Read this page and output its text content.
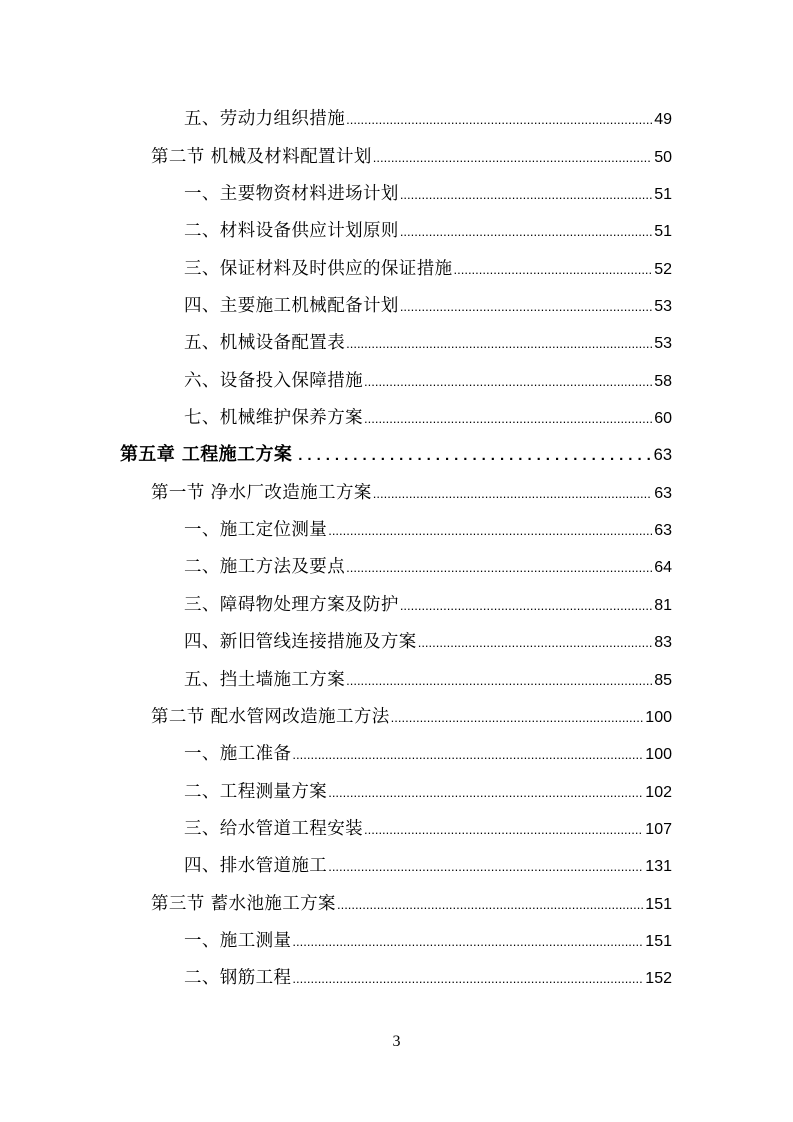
五、劳动力组织措施 .....	49
第二节 机械及材料配置计划 .....	50
一、主要物资材料进场计划 .....	51
二、材料设备供应计划原则 .....	51
三、保证材料及时供应的保证措施 .....	52
四、主要施工机械配备计划 .....	53
五、机械设备配置表 .....	53
六、设备投入保障措施 .....	58
七、机械维护保养方案 .....	60
第五章 工程施工方案 .....	63
第一节 净水厂改造施工方案 .....	63
一、施工定位测量 .....	63
二、施工方法及要点 .....	64
三、障碍物处理方案及防护 .....	81
四、新旧管线连接措施及方案 .....	83
五、挡土墙施工方案 .....	85
第二节 配水管网改造施工方法 .....	100
一、施工准备 .....	100
二、工程测量方案 .....	102
三、给水管道工程安装 .....	107
四、排水管道施工 .....	131
第三节 蓄水池施工方案 .....	151
一、施工测量 .....	151
二、钢筋工程 .....	152
3
